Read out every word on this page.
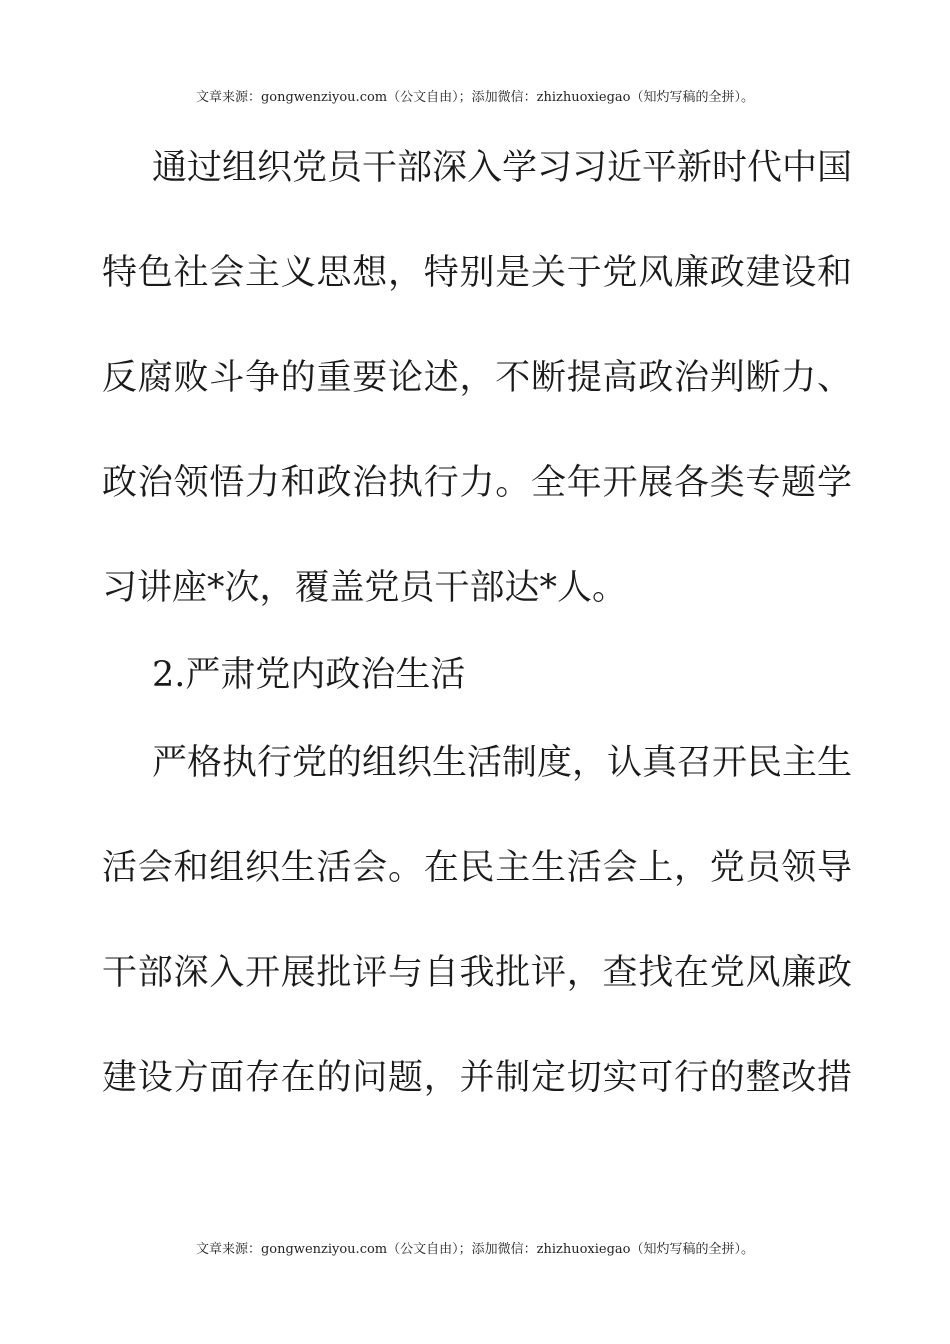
文章来源：gongwenziyou.com（公文自由）；添加微信：zhizhuoxiegao（知灼写稿的全拼）。
通过组织党员干部深入学习习近平新时代中国
特色社会主义思想，特别是关于党风廉政建设和
反腐败斗争的重要论述，不断提高政治判断力、
政治领悟力和政治执行力。全年开展各类专题学
习讲座*次，覆盖党员干部达*人。
2.严肃党内政治生活
严格执行党的组织生活制度，认真召开民主生
活会和组织生活会。在民主生活会上，党员领导
干部深入开展批评与自我批评，查找在党风廉政
建设方面存在的问题，并制定切实可行的整改措
文章来源：gongwenziyou.com（公文自由）；添加微信：zhizhuoxiegao（知灼写稿的全拼）。
